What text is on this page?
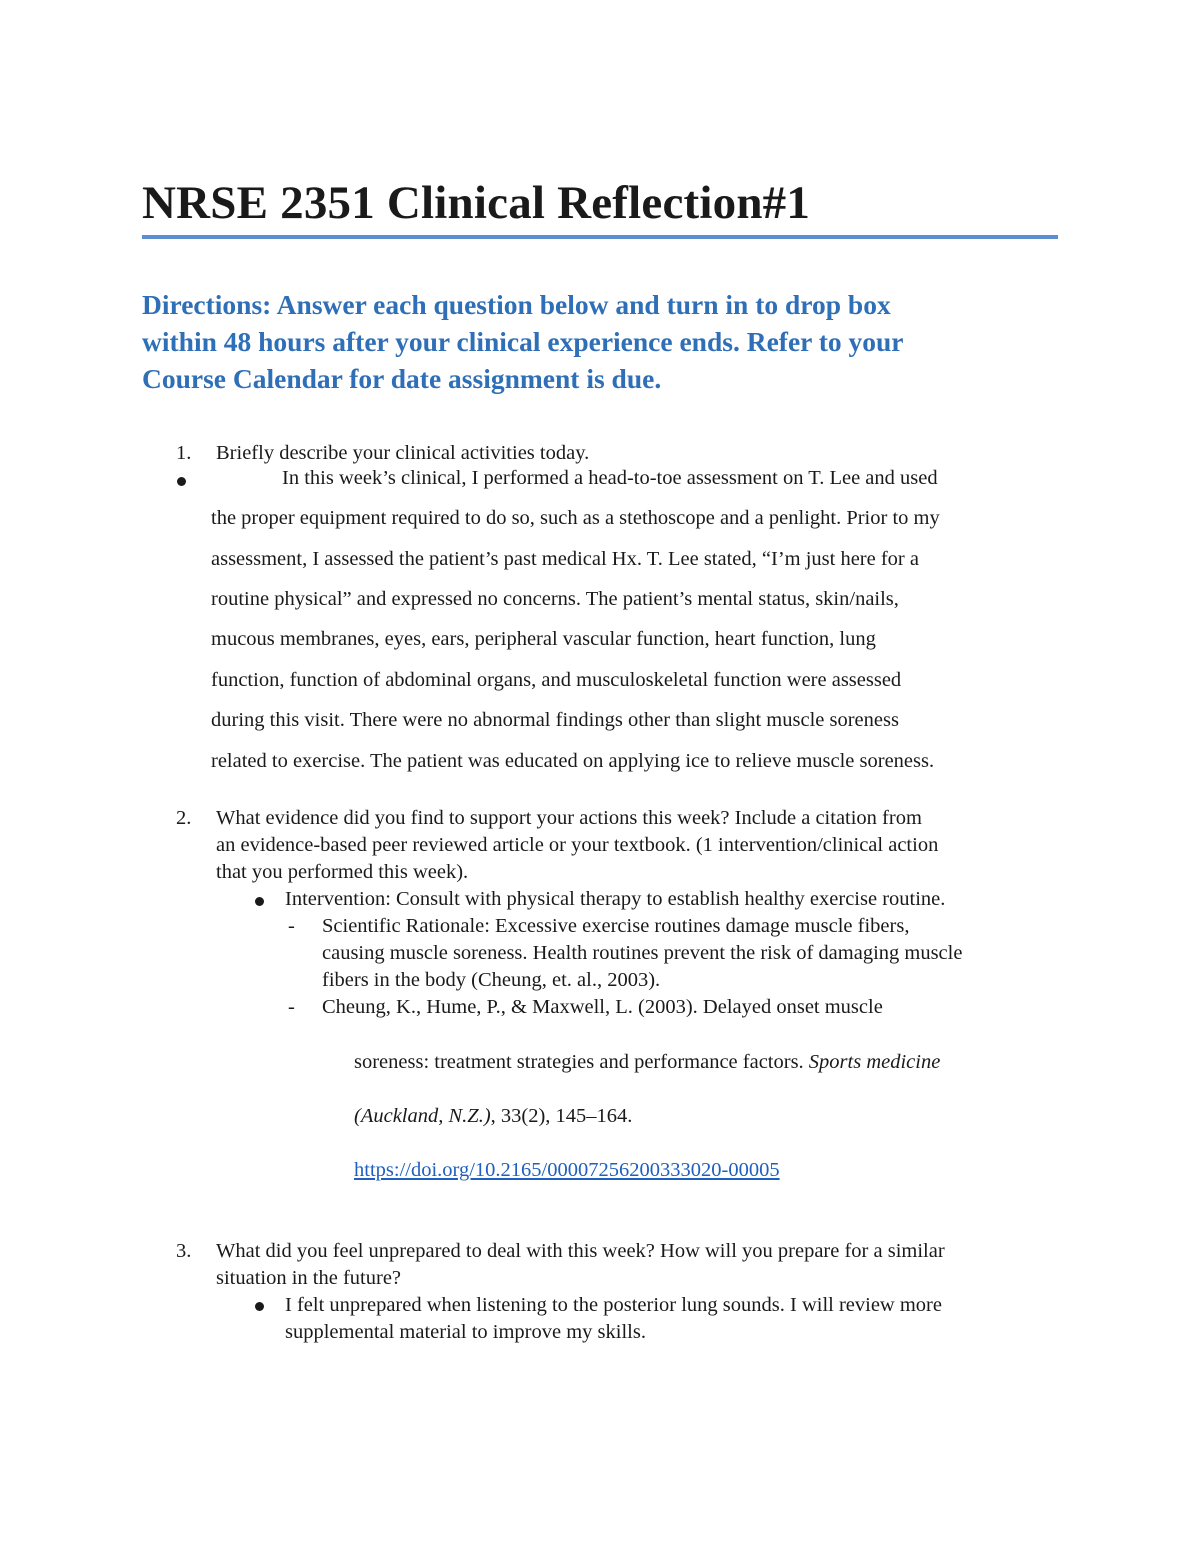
NRSE 2351 Clinical Reflection#1
Directions: Answer each question below and turn in to drop box
within 48 hours after your clinical experience ends. Refer to your
Course Calendar for date assignment is due.
1. Briefly describe your clinical activities today.
In this week’s clinical, I performed a head-to-toe assessment on T. Lee and used
the proper equipment required to do so, such as a stethoscope and a penlight. Prior to my
assessment, I assessed the patient’s past medical Hx. T. Lee stated, “I’m just here for a
routine physical” and expressed no concerns. The patient’s mental status, skin/nails,
mucous membranes, eyes, ears, peripheral vascular function, heart function, lung
function, function of abdominal organs, and musculoskeletal function were assessed
during this visit. There were no abnormal findings other than slight muscle soreness
related to exercise. The patient was educated on applying ice to relieve muscle soreness.
2. What evidence did you find to support your actions this week? Include a citation from
an evidence-based peer reviewed article or your textbook. (1 intervention/clinical action
that you performed this week).
Intervention: Consult with physical therapy to establish healthy exercise routine.
- Scientific Rationale: Excessive exercise routines damage muscle fibers,
causing muscle soreness. Health routines prevent the risk of damaging muscle
fibers in the body (Cheung, et. al., 2003).
- Cheung, K., Hume, P., & Maxwell, L. (2003). Delayed onset muscle
soreness: treatment strategies and performance factors. Sports medicine
(Auckland, N.Z.), 33(2), 145–164.
https://doi.org/10.2165/00007256200333020-00005
3. What did you feel unprepared to deal with this week? How will you prepare for a similar
situation in the future?
I felt unprepared when listening to the posterior lung sounds. I will review more
supplemental material to improve my skills.
